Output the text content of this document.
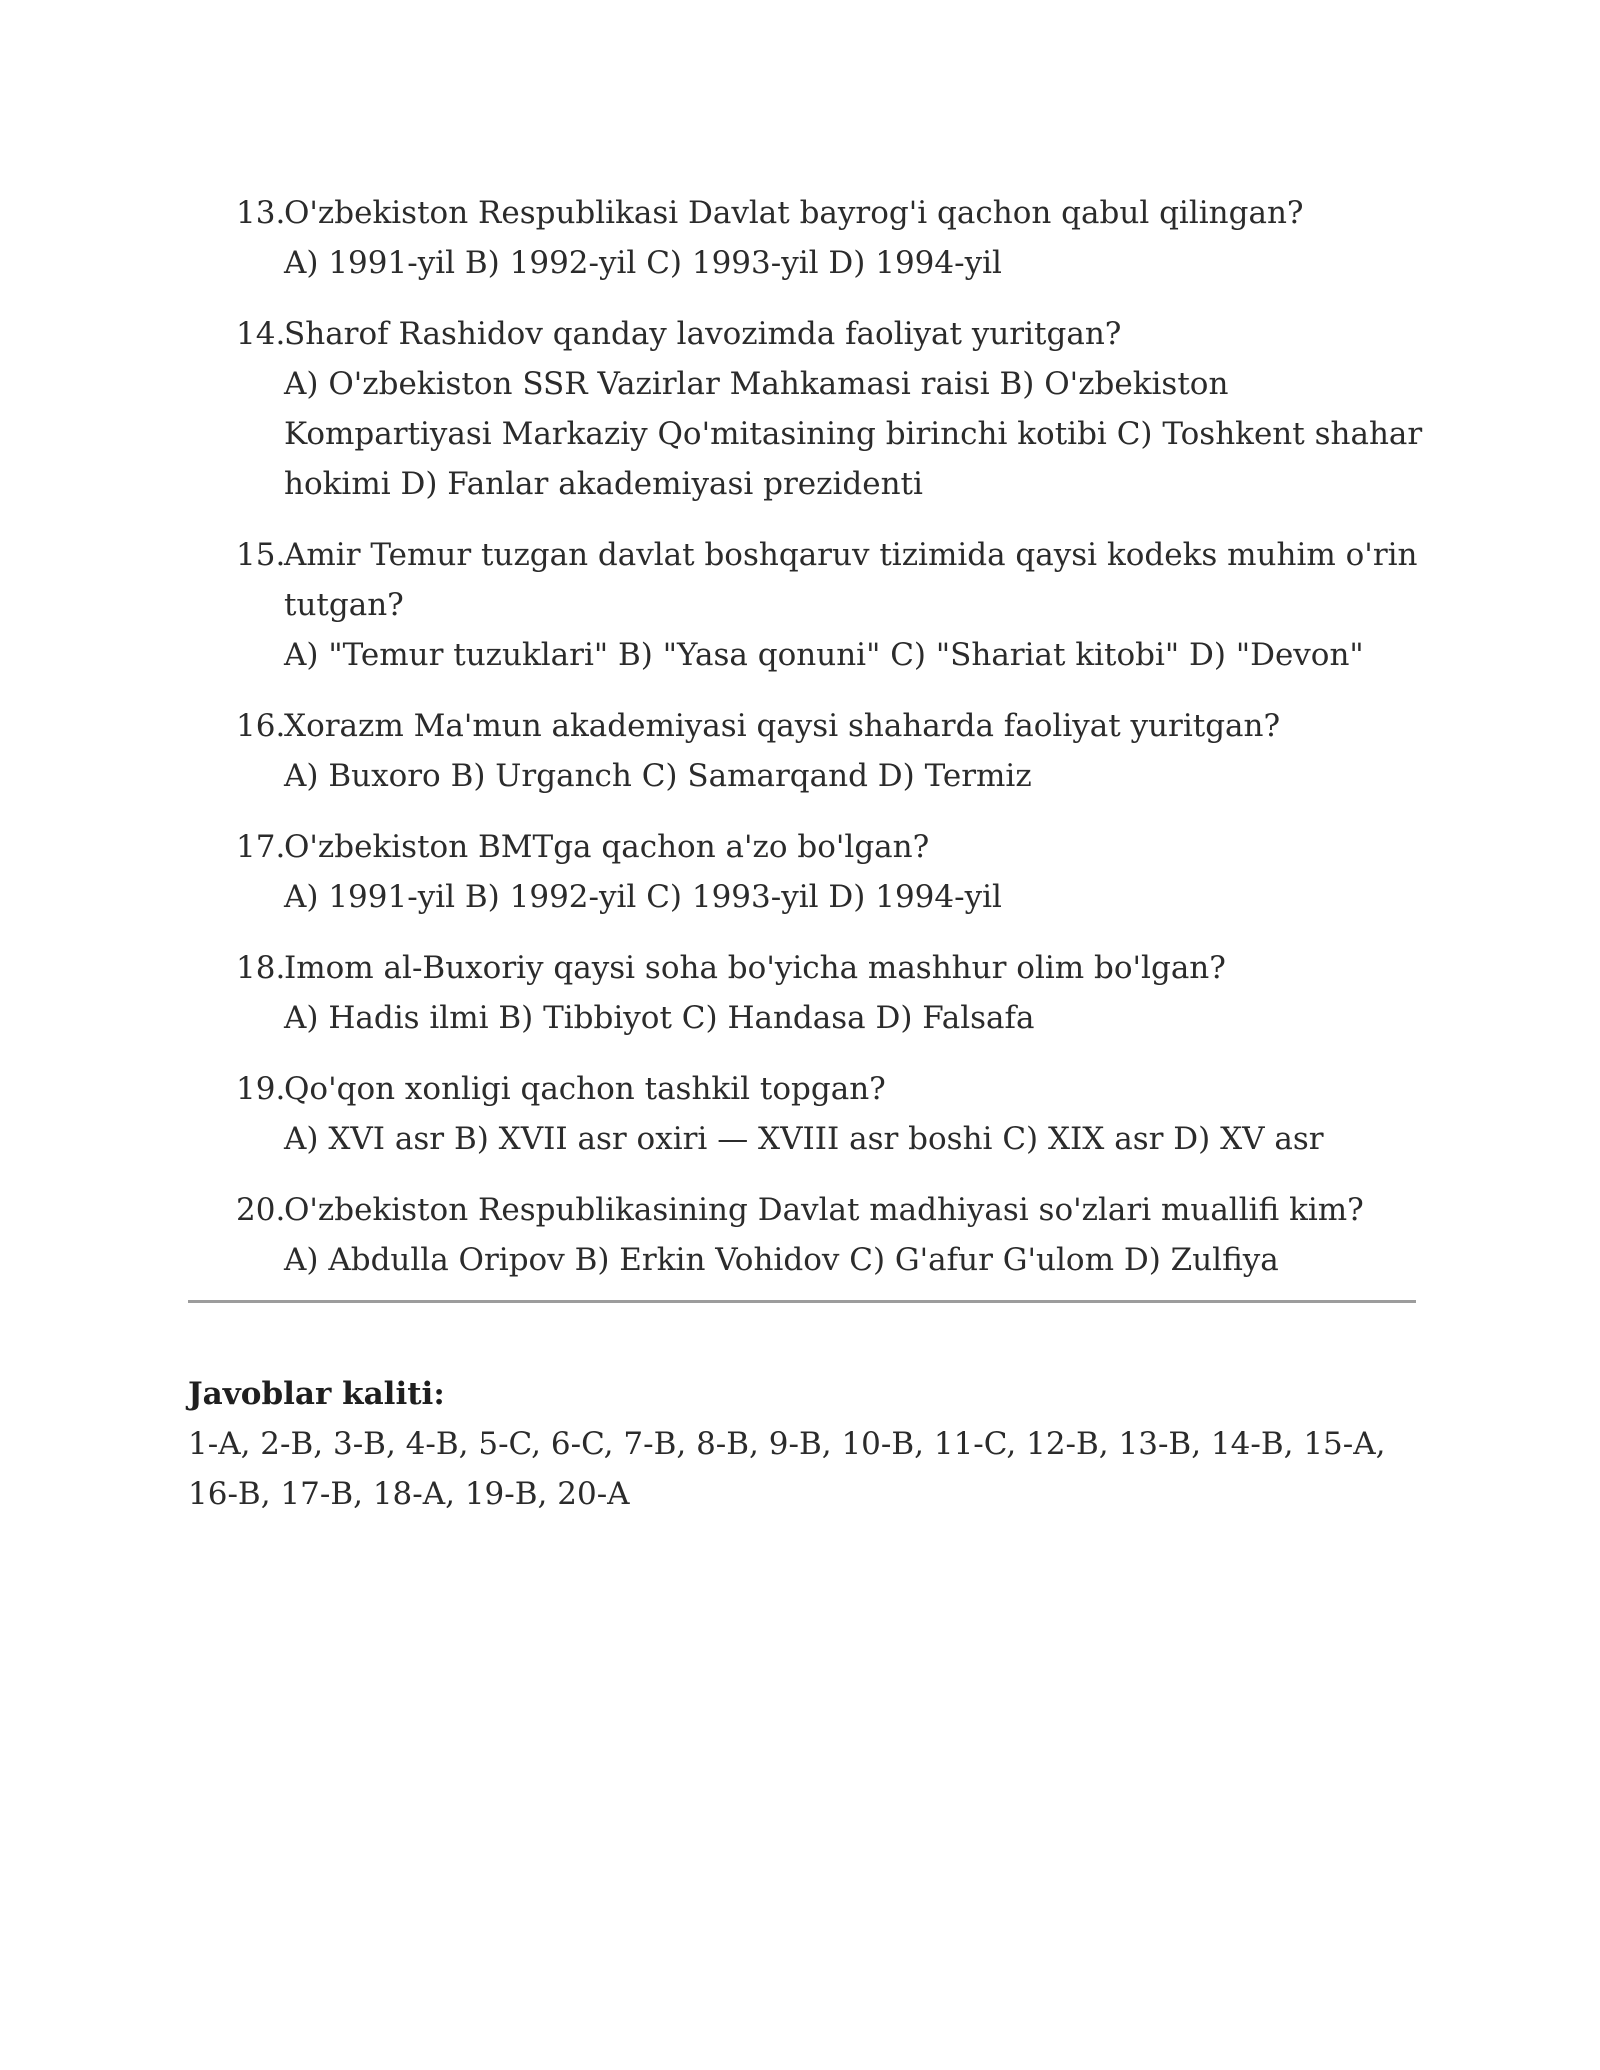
13.
O'zbekiston Respublikasi Davlat bayrog'i qachon qabul qilingan?
A) 1991-yil B) 1992-yil C) 1993-yil D) 1994-yil
14.
Sharof Rashidov qanday lavozimda faoliyat yuritgan?
A) O'zbekiston SSR Vazirlar Mahkamasi raisi B) O'zbekiston Kompartiyasi Markaziy Qo'mitasining birinchi kotibi C) Toshkent shahar hokimi D) Fanlar akademiyasi prezidenti
15.
Amir Temur tuzgan davlat boshqaruv tizimida qaysi kodeks muhim o'rin tutgan?
A) "Temur tuzuklari" B) "Yasa qonuni" C) "Shariat kitobi" D) "Devon"
16.
Xorazm Ma'mun akademiyasi qaysi shaharda faoliyat yuritgan?
A) Buxoro B) Urganch C) Samarqand D) Termiz
17.
O'zbekiston BMTga qachon a'zo bo'lgan?
A) 1991-yil B) 1992-yil C) 1993-yil D) 1994-yil
18.
Imom al-Buxoriy qaysi soha bo'yicha mashhur olim bo'lgan?
A) Hadis ilmi B) Tibbiyot C) Handasa D) Falsafa
19.
Qo'qon xonligi qachon tashkil topgan?
A) XVI asr B) XVII asr oxiri — XVIII asr boshi C) XIX asr D) XV asr
20.
O'zbekiston Respublikasining Davlat madhiyasi so'zlari muallifi kim?
A) Abdulla Oripov B) Erkin Vohidov C) G'afur G'ulom D) Zulfiya
Javoblar kaliti:
1-A, 2-B, 3-B, 4-B, 5-C, 6-C, 7-B, 8-B, 9-B, 10-B, 11-C, 12-B, 13-B, 14-B, 15-A, 16-B, 17-B, 18-A, 19-B, 20-A
